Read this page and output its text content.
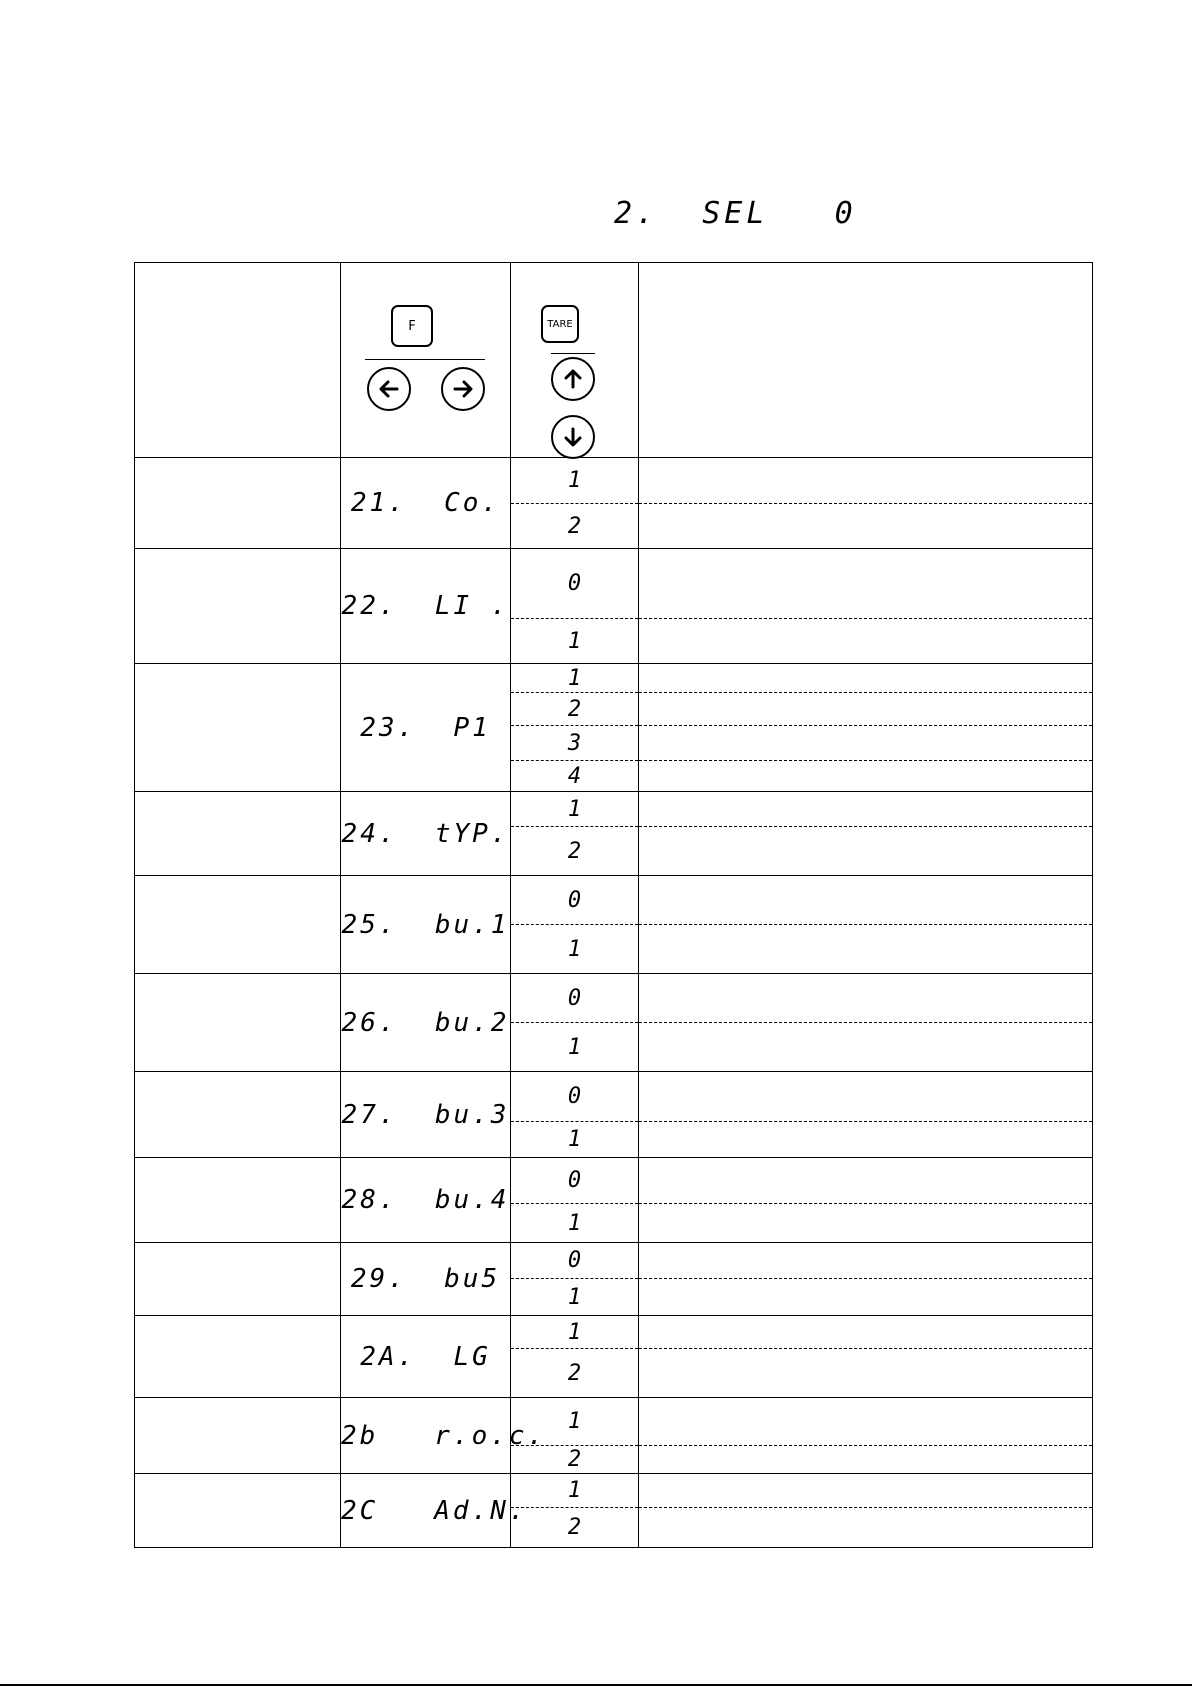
2.  SEL   0

	F	TARE	

	21.  Co.	1
2	

	22.  LI .	0
1	

	23.  P1	1
2
3
4	

	24.  tYP.	1
2	

	25.  bu.1	0
1	

	26.  bu.2	0
1	

	27.  bu.3	0
1	

	28.  bu.4	0
1	

	29.  bu5	0
1	

	2A.  LG	1
2	

	2b   r.o.c.	1
2	

	2C   Ad.N.	1
2	
